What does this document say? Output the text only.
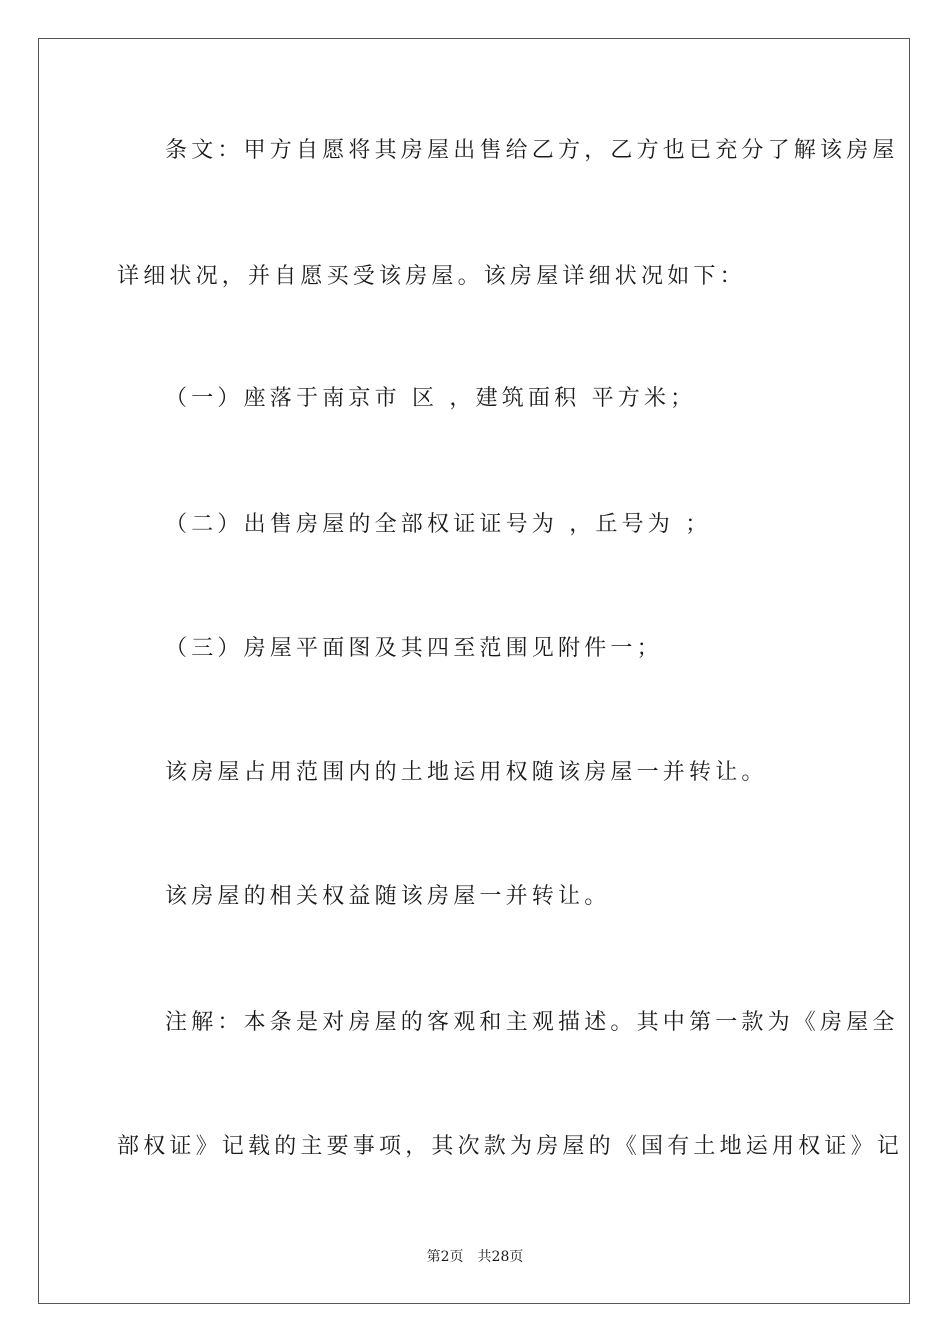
条文：甲方自愿将其房屋出售给乙方，乙方也已充分了解该房屋
详细状况，并自愿买受该房屋。该房屋详细状况如下：
（一）座落于南京市 区 ，建筑面积 平方米；
（二）出售房屋的全部权证证号为 ，丘号为 ；
（三）房屋平面图及其四至范围见附件一；
该房屋占用范围内的土地运用权随该房屋一并转让。
该房屋的相关权益随该房屋一并转让。
注解：本条是对房屋的客观和主观描述。其中第一款为《房屋全
部权证》记载的主要事项，其次款为房屋的《国有土地运用权证》记
第2页 共28页
